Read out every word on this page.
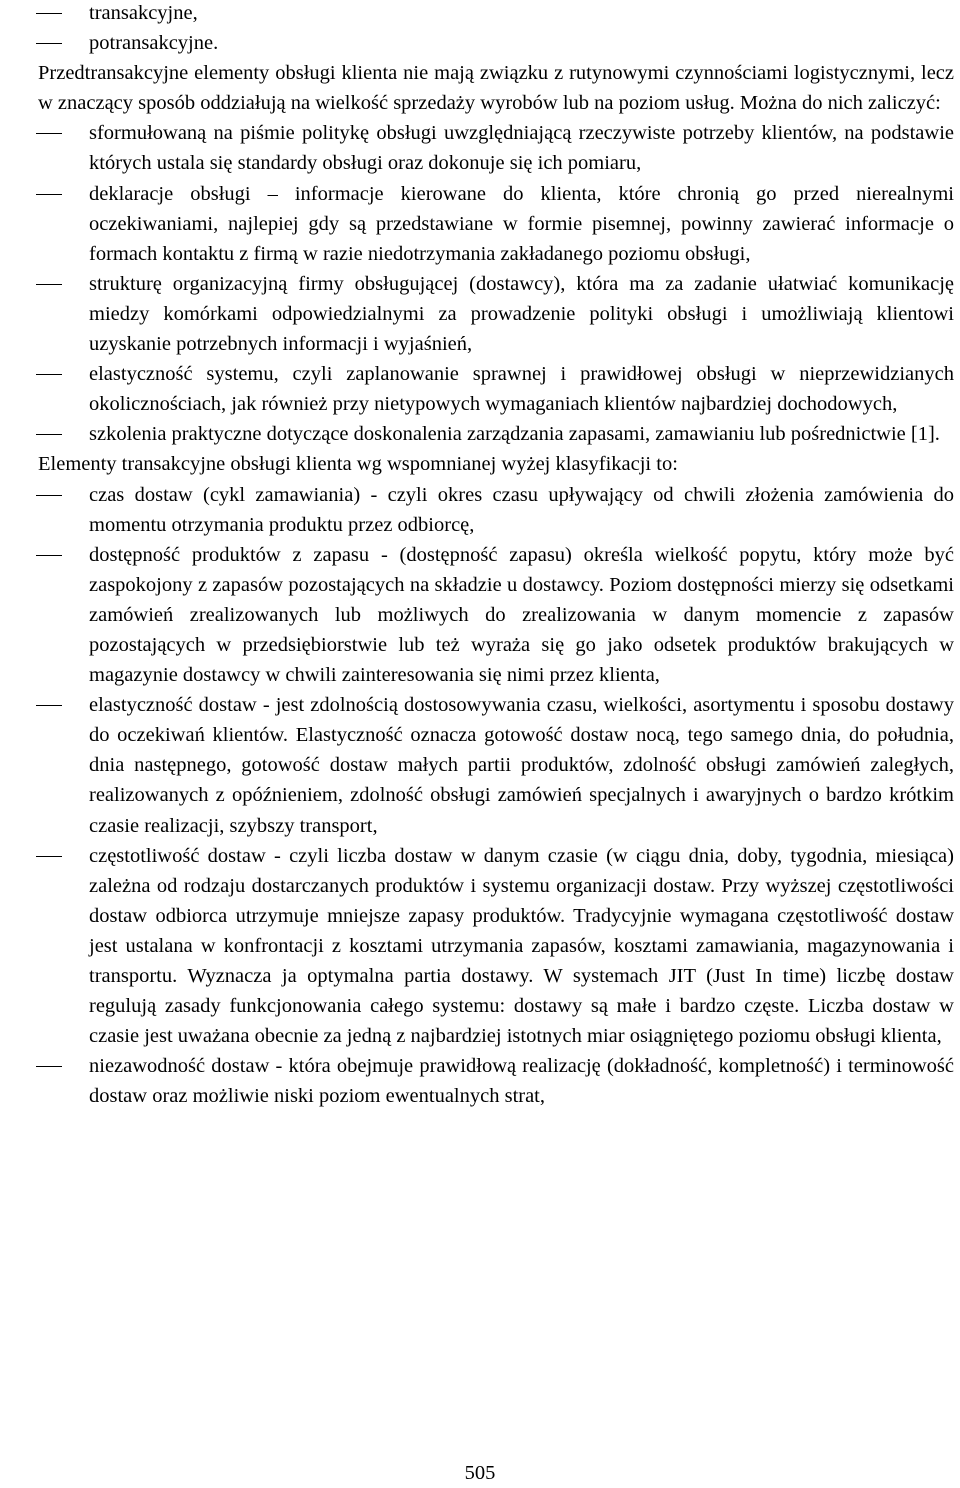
transakcyjne,
potransakcyjne.
Przedtransakcyjne elementy obsługi klienta nie mają związku z rutynowymi czynnościami logistycznymi, lecz w znaczący sposób oddziałują na wielkość sprzedaży wyrobów lub na poziom usług. Można do nich zaliczyć:
sformułowaną na piśmie politykę obsługi uwzględniającą rzeczywiste potrzeby klientów, na podstawie których ustala się standardy obsługi oraz dokonuje się ich pomiaru,
deklaracje obsługi – informacje kierowane do klienta, które chronią go przed nierealnymi oczekiwaniami, najlepiej gdy są przedstawiane w formie pisemnej, powinny zawierać informacje o formach kontaktu z firmą w razie niedotrzymania zakładanego poziomu obsługi,
strukturę organizacyjną firmy obsługującej (dostawcy), która ma za zadanie ułatwiać komunikację miedzy komórkami odpowiedzialnymi za prowadzenie polityki obsługi i umożliwiają klientowi uzyskanie potrzebnych informacji i wyjaśnień,
elastyczność systemu, czyli zaplanowanie sprawnej i prawidłowej obsługi w nieprzewidzianych okolicznościach, jak również przy nietypowych wymaganiach klientów najbardziej dochodowych,
szkolenia praktyczne dotyczące doskonalenia zarządzania zapasami, zamawianiu lub pośrednictwie [1].
Elementy transakcyjne obsługi klienta wg wspomnianej wyżej klasyfikacji to:
czas dostaw (cykl zamawiania) - czyli okres czasu upływający od chwili złożenia zamówienia do momentu otrzymania produktu przez odbiorcę,
dostępność produktów z zapasu - (dostępność zapasu) określa wielkość popytu, który może być zaspokojony z zapasów pozostających na składzie u dostawcy. Poziom dostępności mierzy się odsetkami zamówień zrealizowanych lub możliwych do zrealizowania w danym momencie z zapasów pozostających w przedsiębiorstwie lub też wyraża się go jako odsetek produktów brakujących w magazynie dostawcy w chwili zainteresowania się nimi przez klienta,
elastyczność dostaw - jest zdolnością dostosowywania czasu, wielkości, asortymentu i sposobu dostawy do oczekiwań klientów. Elastyczność oznacza gotowość dostaw nocą, tego samego dnia, do południa, dnia następnego, gotowość dostaw małych partii produktów, zdolność obsługi zamówień zaległych, realizowanych z opóźnieniem, zdolność obsługi zamówień specjalnych i awaryjnych o bardzo krótkim czasie realizacji, szybszy transport,
częstotliwość dostaw - czyli liczba dostaw w danym czasie (w ciągu dnia, doby, tygodnia, miesiąca) zależna od rodzaju dostarczanych produktów i systemu organizacji dostaw. Przy wyższej częstotliwości dostaw odbiorca utrzymuje mniejsze zapasy produktów. Tradycyjnie wymagana częstotliwość dostaw jest ustalana w konfrontacji z kosztami utrzymania zapasów, kosztami zamawiania, magazynowania i transportu. Wyznacza ja optymalna partia dostawy. W systemach JIT (Just In time) liczbę dostaw regulują zasady funkcjonowania całego systemu: dostawy są małe i bardzo częste. Liczba dostaw w czasie jest uważana obecnie za jedną z najbardziej istotnych miar osiągniętego poziomu obsługi klienta,
niezawodność dostaw - która obejmuje prawidłową realizację (dokładność, kompletność) i terminowość dostaw oraz możliwie niski poziom ewentualnych strat,
505
